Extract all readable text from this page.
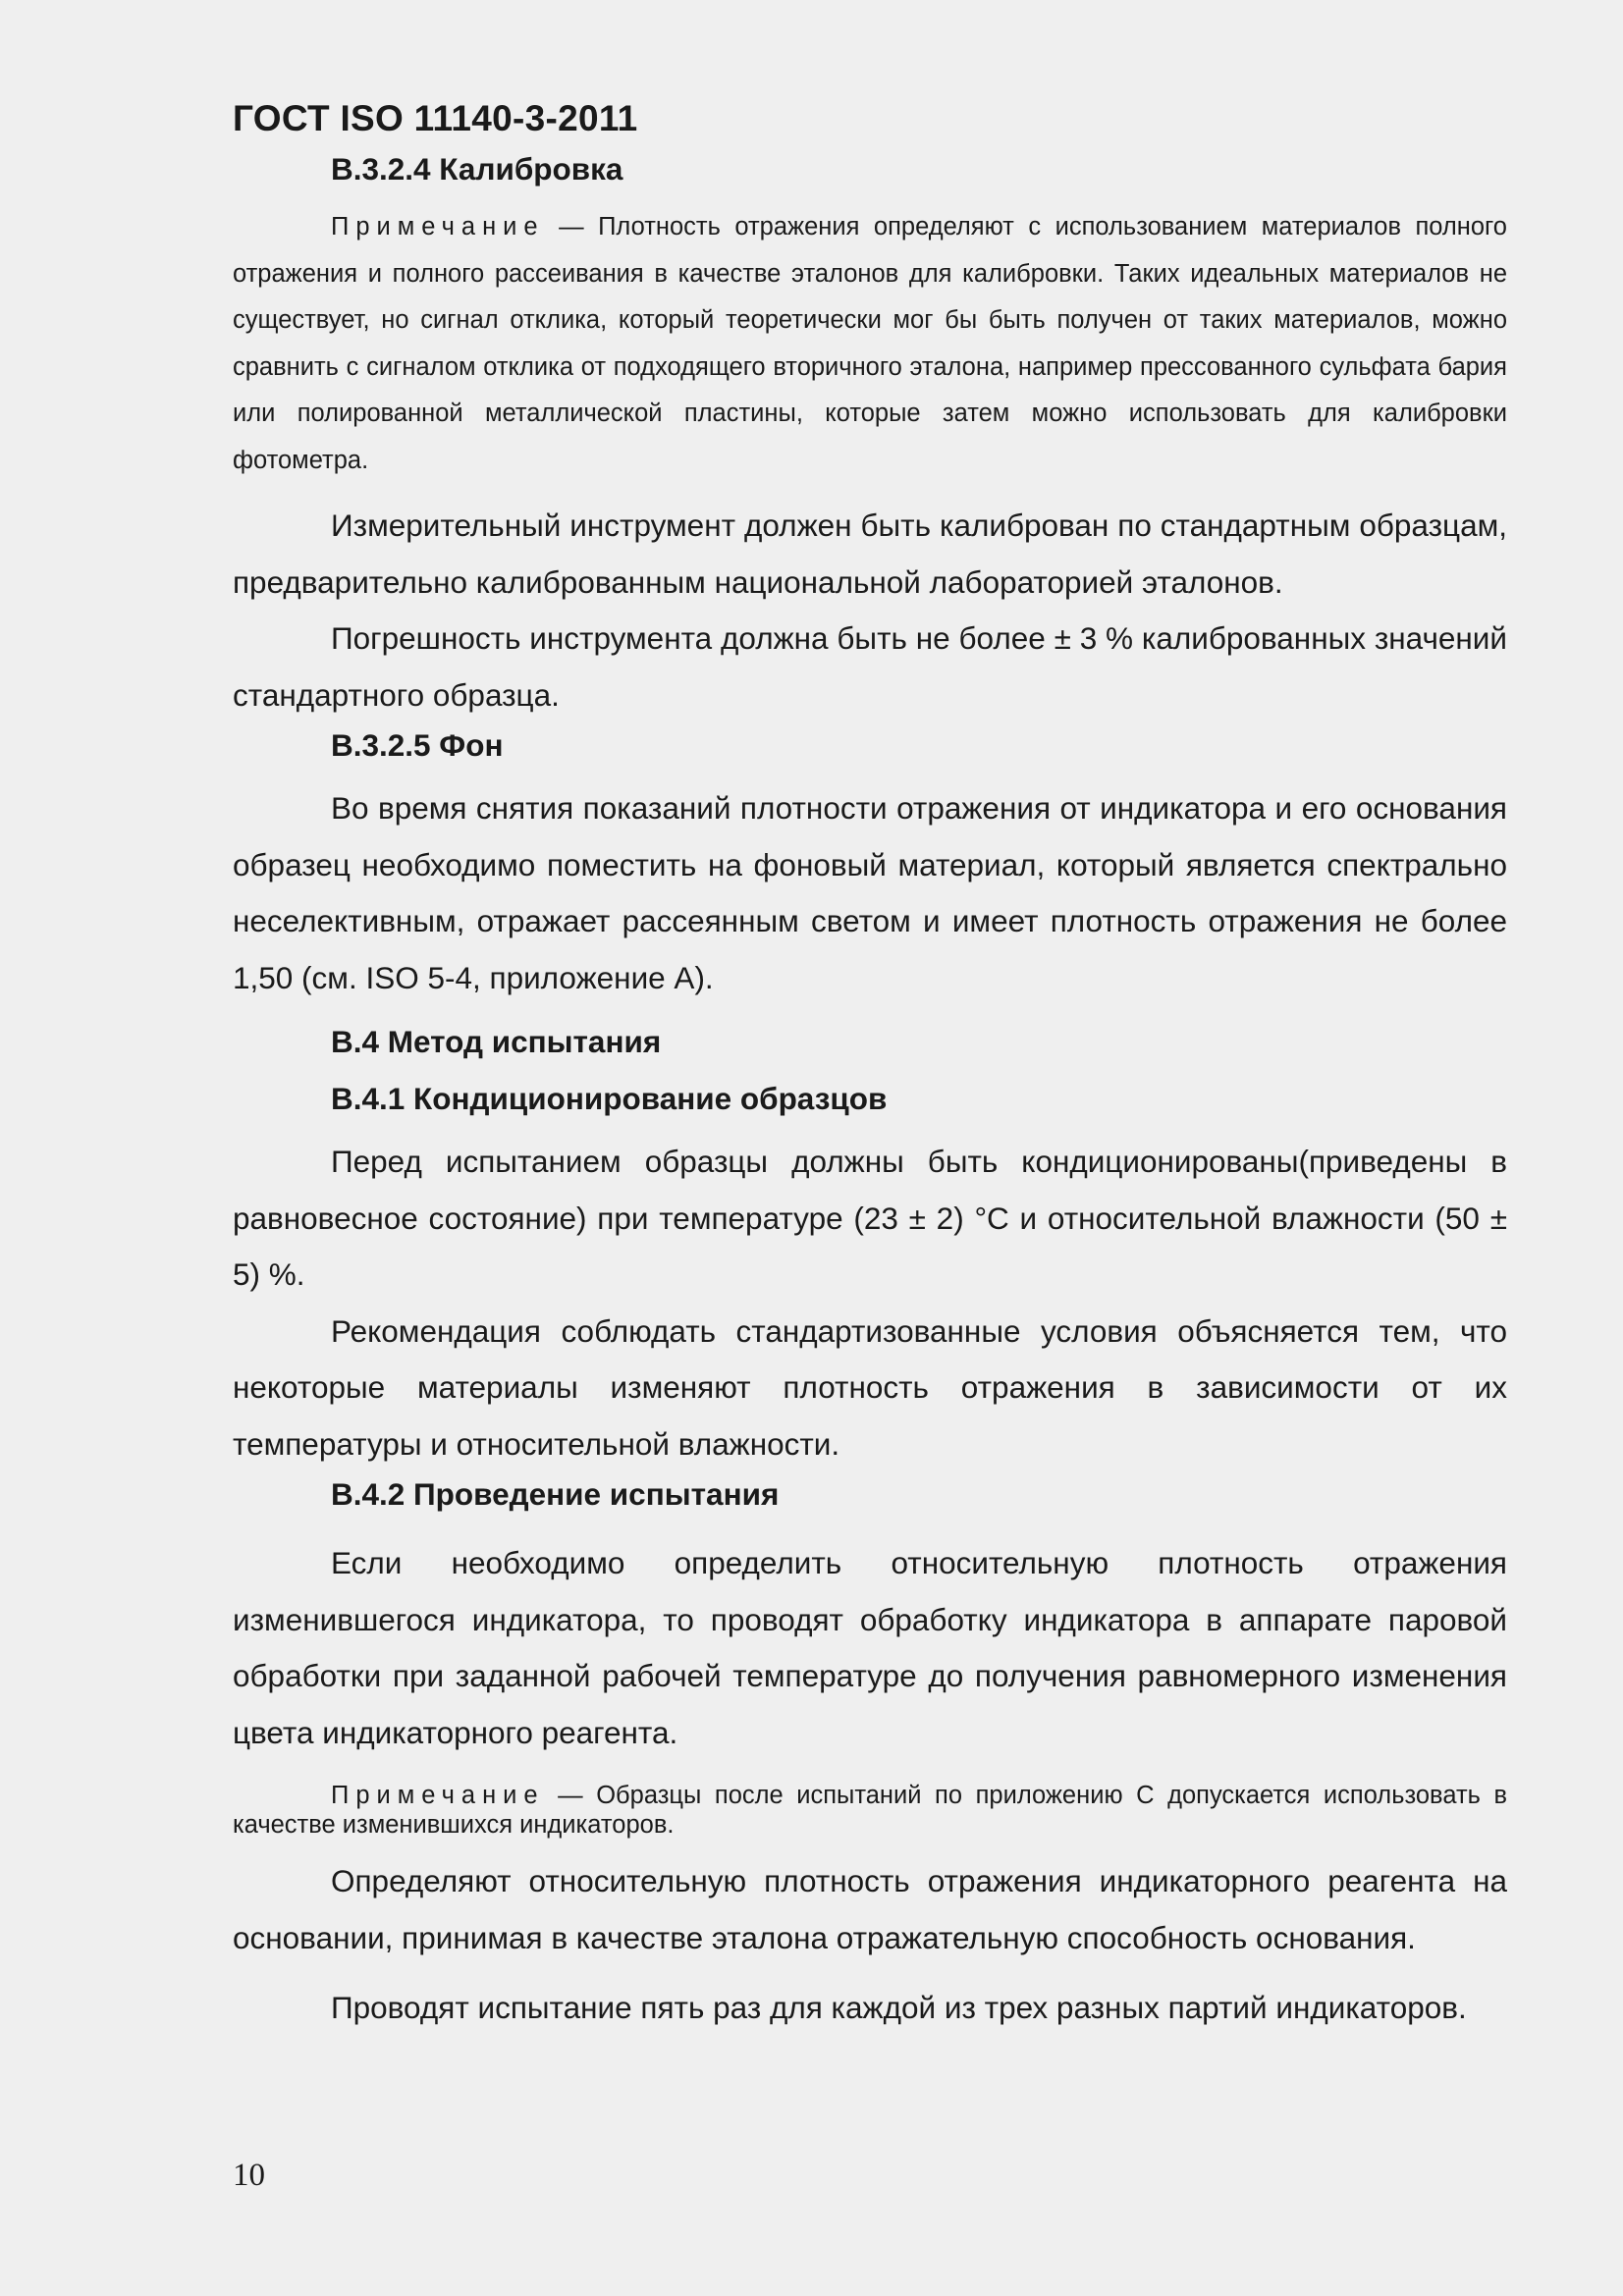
ГОСТ ISO 11140-3-2011
В.3.2.4 Калибровка

Примечание — Плотность отражения определяют с использованием материалов полного отражения и полного рассеивания в качестве эталонов для калибровки. Таких идеальных материалов не существует, но сигнал отклика, который теоретически мог бы быть получен от таких материалов, можно сравнить с сигналом отклика от подходящего вторичного эталона, например прессованного сульфата бария или полированной металлической пластины, которые затем можно использовать для калибровки фотометра.

Измерительный инструмент должен быть калиброван по стандартным образцам, предварительно калиброванным национальной лабораторией эталонов.

Погрешность инструмента должна быть не более ± 3 % калиброванных значений стандартного образца.

В.3.2.5 Фон

Во время снятия показаний плотности отражения от индикатора и его основания образец необходимо поместить на фоновый материал, который является спектрально неселективным, отражает рассеянным светом и имеет плотность отражения не более 1,50 (см. ISO 5-4, приложение А).

В.4 Метод испытания
В.4.1 Кондиционирование образцов

Перед испытанием образцы должны быть кондиционированы(приведены в равновесное состояние) при температуре (23 ± 2) °С и относительной влажности (50 ± 5) %.

Рекомендация соблюдать стандартизованные условия объясняется тем, что некоторые материалы изменяют плотность отражения в зависимости от их температуры и относительной влажности.

В.4.2 Проведение испытания

Если необходимо определить относительную плотность отражения изменившегося индикатора, то проводят обработку индикатора в аппарате паровой обработки при заданной рабочей температуре до получения равномерного изменения цвета индикаторного реагента.

Примечание — Образцы после испытаний по приложению С допускается использовать в качестве изменившихся индикаторов.

Определяют относительную плотность отражения индикаторного реагента на основании, принимая в качестве эталона отражательную способность основания.

Проводят испытание пять раз для каждой из трех разных партий индикаторов.

10
